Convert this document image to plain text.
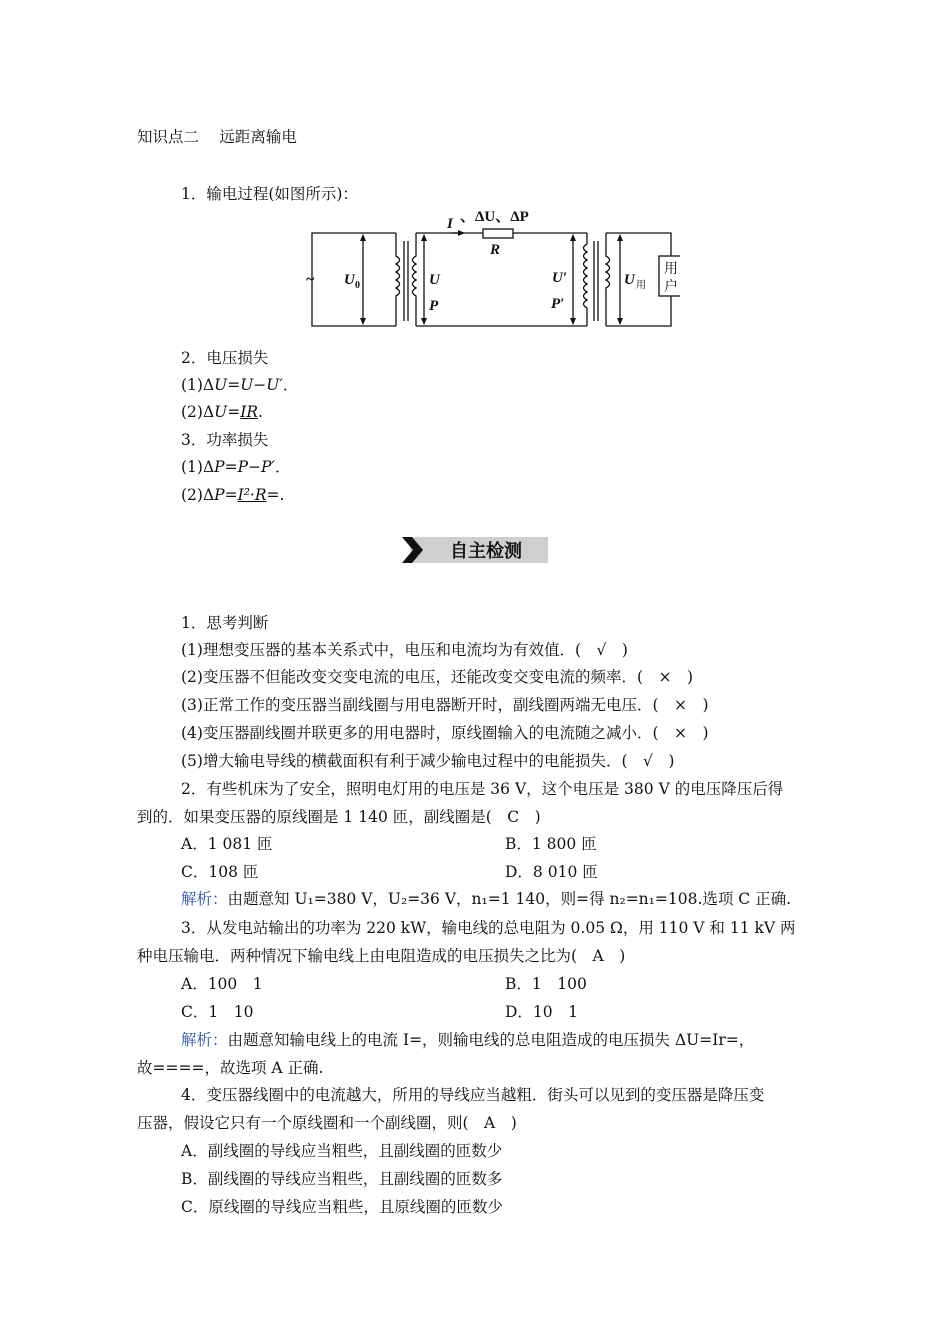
知识点二　 远距离输电
1．输电过程(如图所示)：
I 、ΔU、ΔP
R
U 0	U
P
U′
P′
U 用
~
用
户
2．电压损失
(1)ΔU=U−U′．
(2)ΔU=IR.
3．功率损失
(1)ΔP=P−P′．
(2)ΔP=I²·R=.
自主检测
1．思考判断
(1)理想变压器的基本关系式中，电压和电流均为有效值．(　√　)
(2)变压器不但能改变交变电流的电压，还能改变交变电流的频率．(　×　)
(3)正常工作的变压器当副线圈与用电器断开时，副线圈两端无电压．(　×　)
(4)变压器副线圈并联更多的用电器时，原线圈输入的电流随之减小．(　×　)
(5)增大输电导线的横截面积有利于减少输电过程中的电能损失．(　√　)
2．有些机床为了安全，照明电灯用的电压是 36 V，这个电压是 380 V 的电压降压后得
到的．如果变压器的原线圈是 1 140 匝，副线圈是(　C　)
A．1 081 匝	B．1 800 匝
C．108 匝	D．8 010 匝
解析：由题意知 U₁=380 V，U₂=36 V，n₁=1 140，则=得 n₂=n₁=108.选项 C 正确.
3．从发电站输出的功率为 220 kW，输电线的总电阻为 0.05 Ω，用 110 V 和 11 kV 两
种电压输电．两种情况下输电线上由电阻造成的电压损失之比为(　A　)
A．100　1	B．1　100
C．1　10	D．10　1
解析：由题意知输电线上的电流 I=，则输电线的总电阻造成的电压损失 ΔU=Ir=，
故====，故选项 A 正确.
4．变压器线圈中的电流越大，所用的导线应当越粗．街头可以见到的变压器是降压变
压器，假设它只有一个原线圈和一个副线圈，则(　A　)
A．副线圈的导线应当粗些，且副线圈的匝数少
B．副线圈的导线应当粗些，且副线圈的匝数多
C．原线圈的导线应当粗些，且原线圈的匝数少
